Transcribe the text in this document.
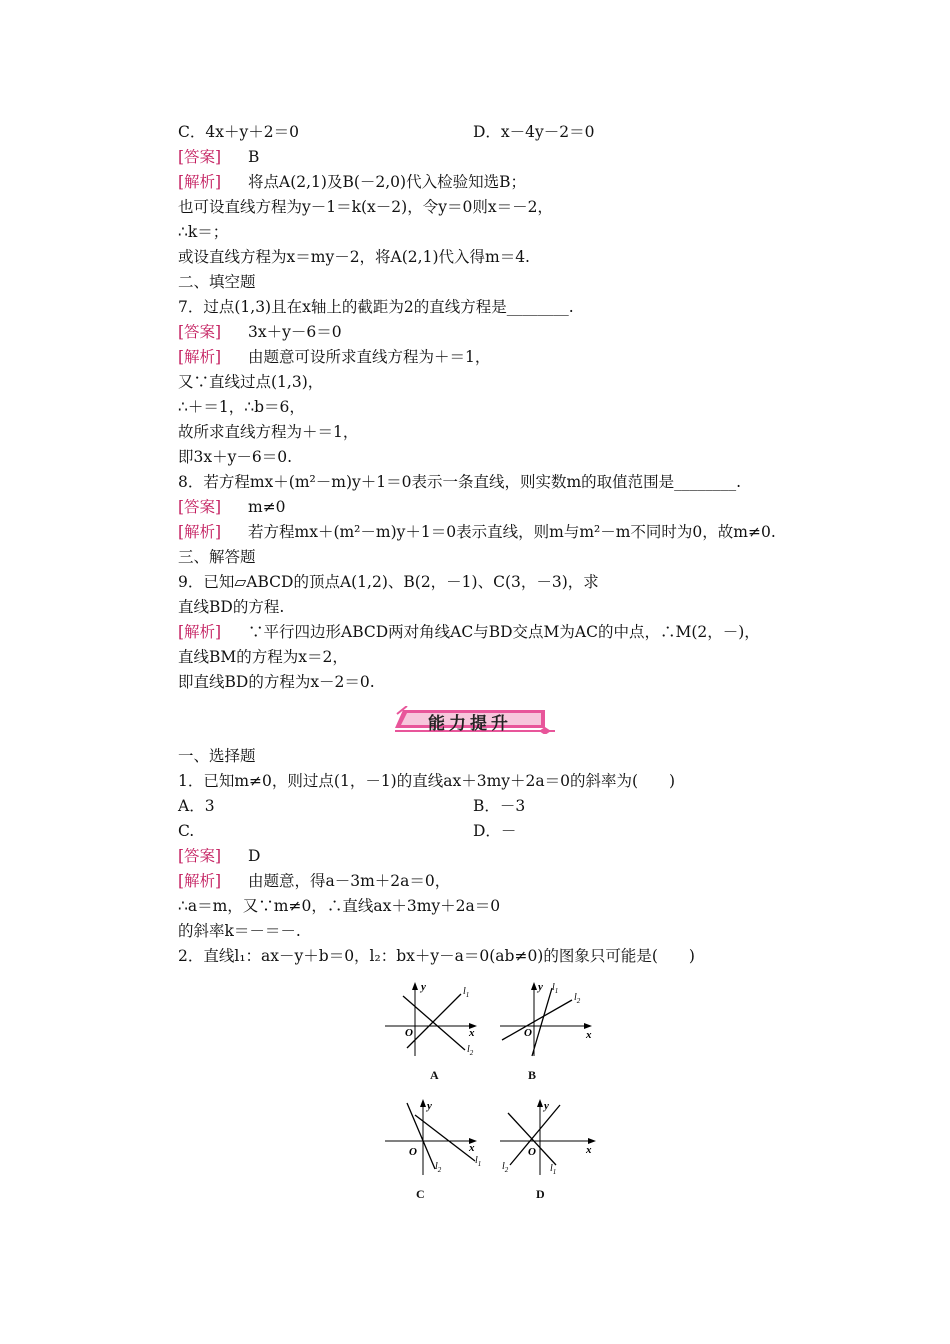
C．4x＋y＋2＝0	D．x－4y－2＝0
[答案] B
[解析] 将点A(2,1)及B(－2,0)代入检验知选B；
也可设直线方程为y－1＝k(x－2)，令y＝0则x＝－2，
∴k＝；
或设直线方程为x＝my－2，将A(2,1)代入得m＝4.
二、填空题
7．过点(1,3)且在x轴上的截距为2的直线方程是________.
[答案] 3x＋y－6＝0
[解析] 由题意可设所求直线方程为＋＝1，
又∵直线过点(1,3)，
∴＋＝1，∴b＝6，
故所求直线方程为＋＝1，
即3x＋y－6＝0.
8．若方程mx＋(m²－m)y＋1＝0表示一条直线，则实数m的取值范围是________.
[答案] m≠0
[解析] 若方程mx＋(m²－m)y＋1＝0表示直线，则m与m²－m不同时为0，故m≠0.
三、解答题
9．已知▱ABCD的顶点A(1,2)、B(2，－1)、C(3，－3)，求
直线BD的方程.
[解析] ∵平行四边形ABCD两对角线AC与BD交点M为AC的中点，∴M(2，－)，
直线BM的方程为x＝2，
即直线BD的方程为x－2＝0.
能力提升
一、选择题
1．已知m≠0，则过点(1，－1)的直线ax＋3my＋2a＝0的斜率为(　　)
A．3	B．－3
C.	D．－
[答案] D
[解析] 由题意，得a－3m＋2a＝0，
∴a＝m，又∵m≠0，∴直线ax＋3my＋2a＝0
的斜率k＝－＝－.
2．直线l₁：ax－y＋b＝0，l₂：bx＋y－a＝0(ab≠0)的图象只可能是(　　)
O	x
y	$l_1$
$l_2$
A
O	x
y $l_1$
$l_2$
B
O	x
y
$l_1$
$l_2$
C
O	x
y
$l_1$
$l_2$
D
